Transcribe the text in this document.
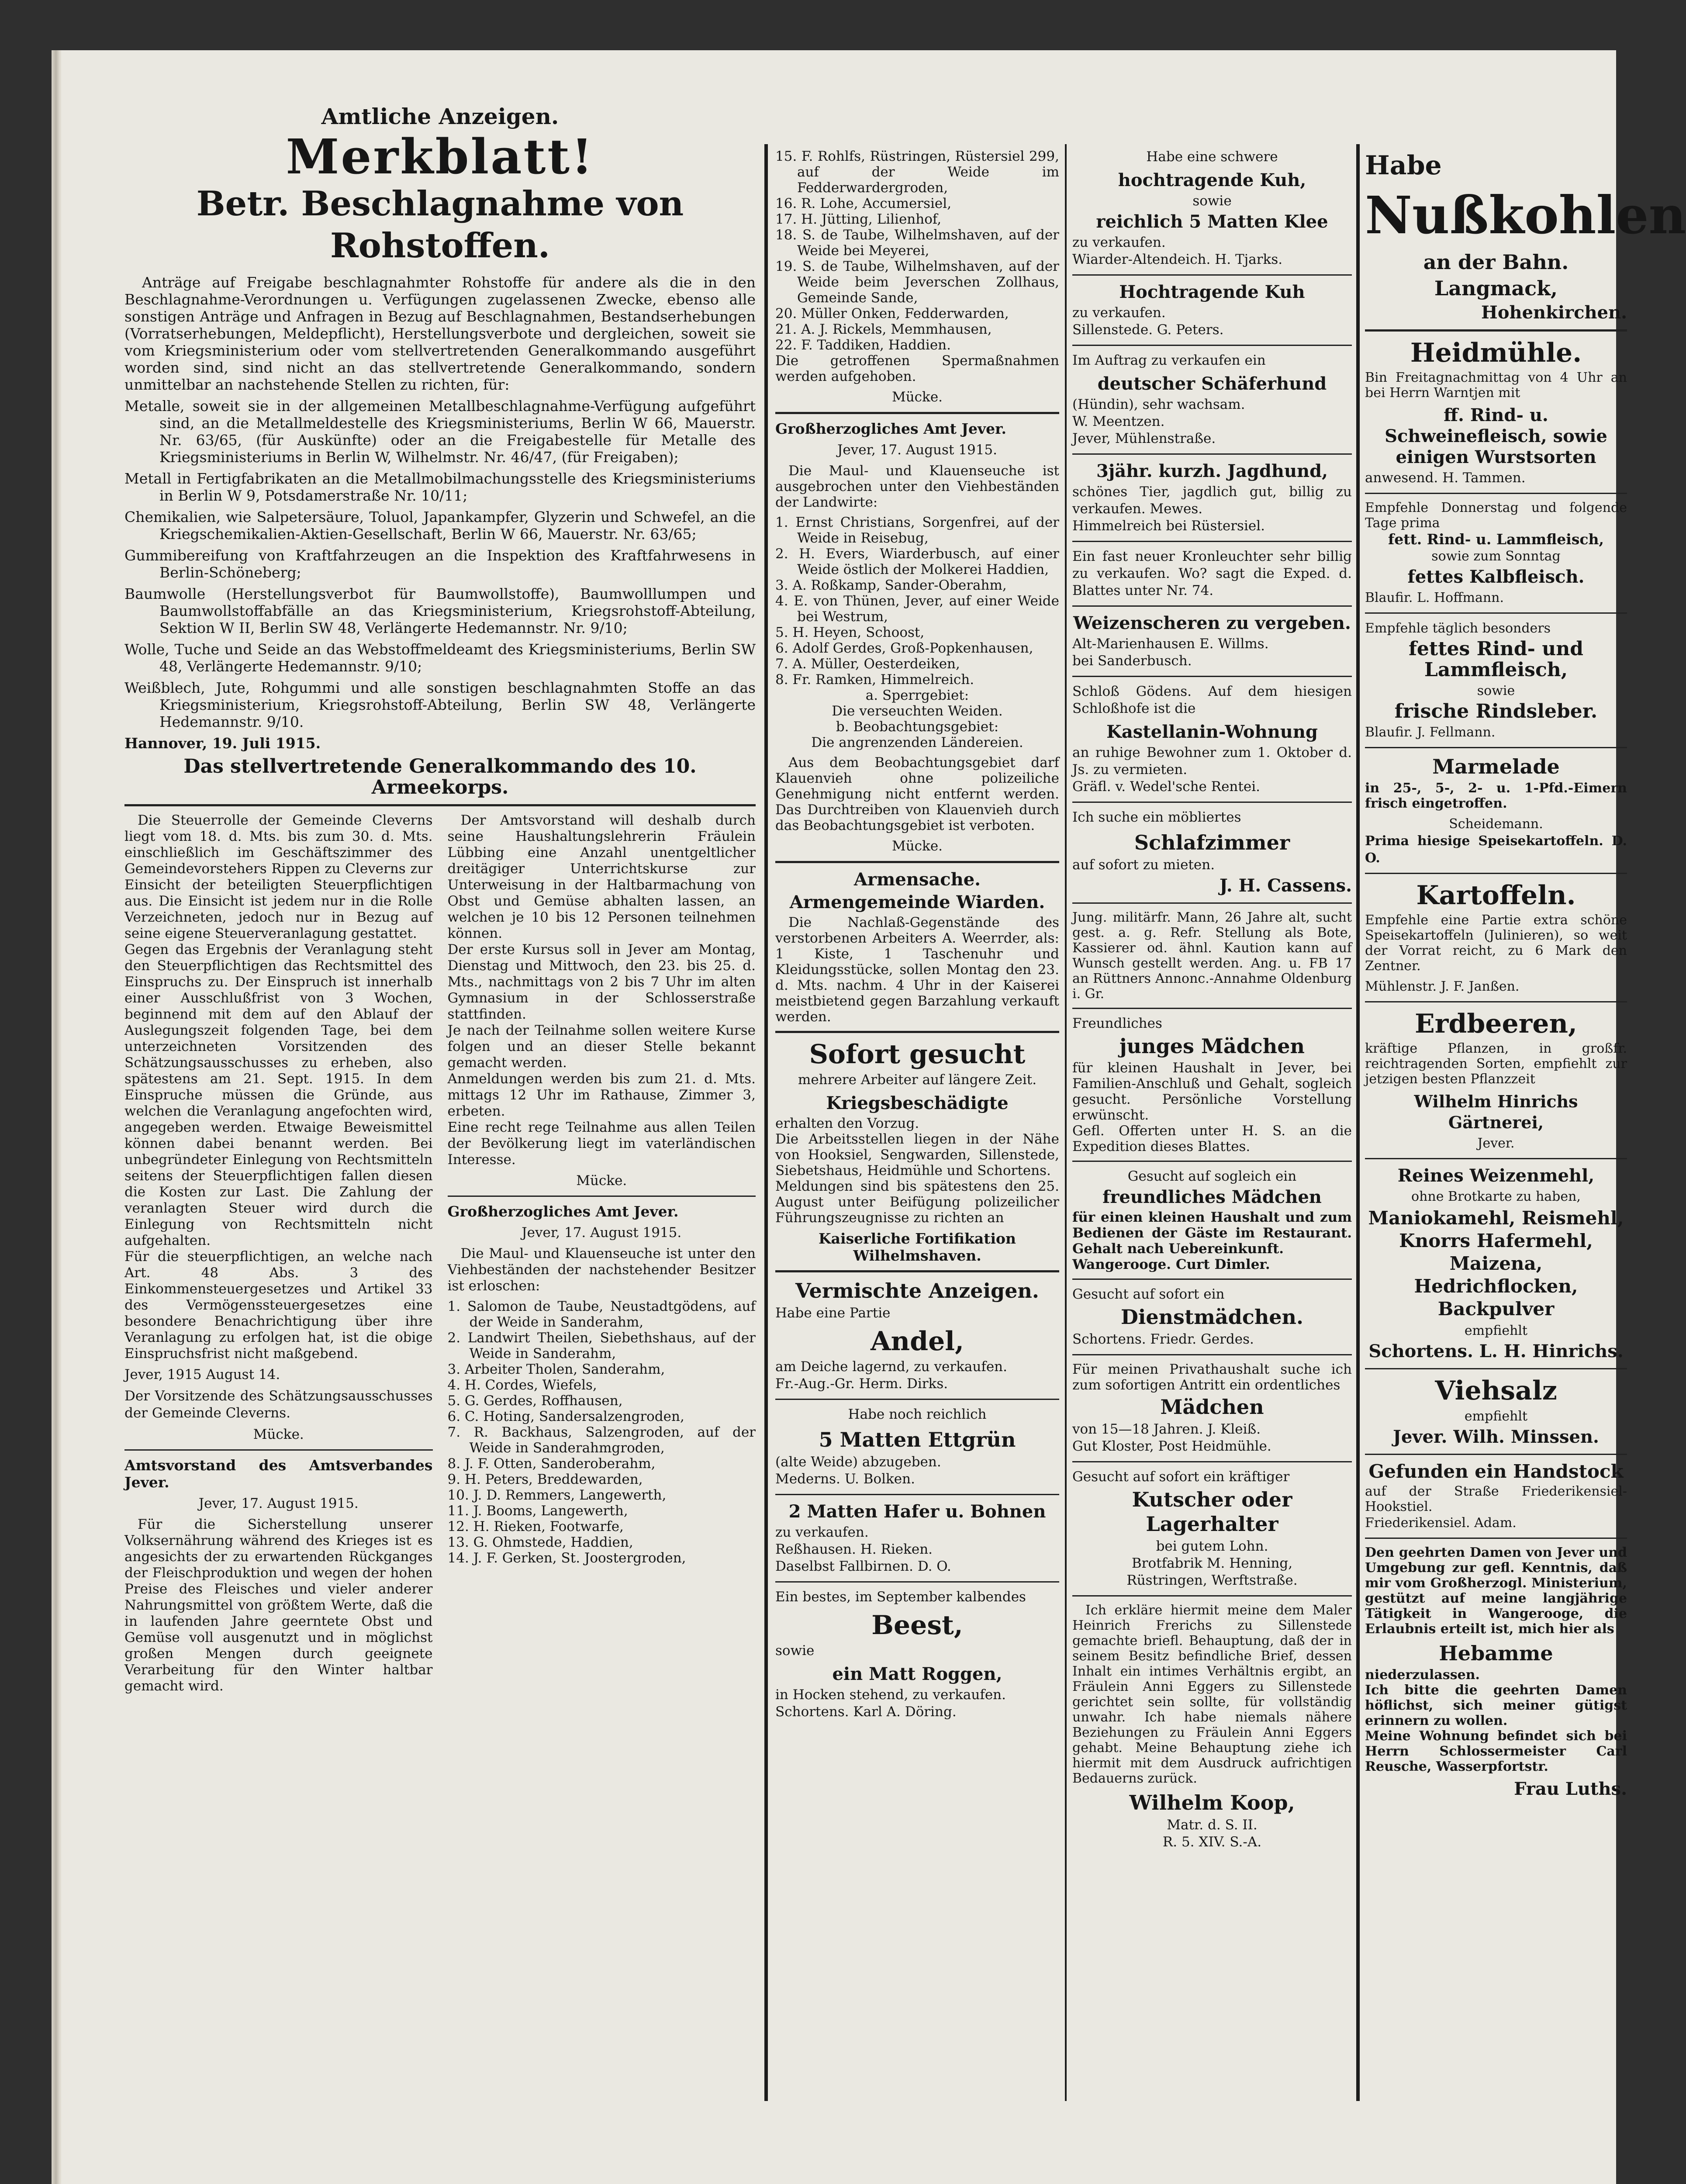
Amtliche Anzeigen.
Merkblatt!
Betr. Beschlagnahme von Rohstoffen.
Anträge auf Freigabe beschlagnahmter Rohstoffe für andere als die in den Beschlagnahme-Verordnungen u. Verfügungen zugelassenen Zwecke, ebenso alle sonstigen Anträge und Anfragen in Bezug auf Beschlagnahmen, Bestandserhebungen (Vorratserhebungen, Meldepflicht), Herstellungsverbote und dergleichen, soweit sie vom Kriegsministerium oder vom stellvertretenden Generalkommando ausgeführt worden sind, sind nicht an das stellvertretende Generalkommando, sondern unmittelbar an nachstehende Stellen zu richten, für:
Metalle, soweit sie in der allgemeinen Metallbeschlagnahme-Verfügung aufgeführt sind, an die Metallmeldestelle des Kriegsministeriums, Berlin W 66, Mauerstr. Nr. 63/65, (für Auskünfte) oder an die Freigabestelle für Metalle des Kriegsministeriums in Berlin W, Wilhelmstr. Nr. 46/47, (für Freigaben);
Metall in Fertigfabrikaten an die Metallmobilmachungsstelle des Kriegsministeriums in Berlin W 9, Potsdamerstraße Nr. 10/11;
Chemikalien, wie Salpetersäure, Toluol, Japankampfer, Glyzerin und Schwefel, an die Kriegschemikalien-Aktien-Gesellschaft, Berlin W 66, Mauerstr. Nr. 63/65;
Gummibereifung von Kraftfahrzeugen an die Inspektion des Kraftfahrwesens in Berlin-Schöneberg;
Baumwolle (Herstellungsverbot für Baumwollstoffe), Baumwolllumpen und Baumwollstoffabfälle an das Kriegsministerium, Kriegsrohstoff-Abteilung, Sektion W II, Berlin SW 48, Verlängerte Hedemannstr. Nr. 9/10;
Wolle, Tuche und Seide an das Webstoffmeldeamt des Kriegsministeriums, Berlin SW 48, Verlängerte Hedemannstr. 9/10;
Weißblech, Jute, Rohgummi und alle sonstigen beschlagnahmten Stoffe an das Kriegsministerium, Kriegsrohstoff-Abteilung, Berlin SW 48, Verlängerte Hedemannstr. 9/10.
Hannover, 19. Juli 1915.
Das stellvertretende Generalkommando des 10. Armeekorps.
Die Steuerrolle der Gemeinde Cleverns liegt vom 18. d. Mts. bis zum 30. d. Mts. einschließlich im Geschäftszimmer des Gemeindevorstehers Rippen zu Cleverns zur Einsicht der beteiligten Steuerpflichtigen aus. Die Einsicht ist jedem nur in die Rolle Verzeichneten, jedoch nur in Bezug auf seine eigene Steuerveranlagung gestattet.
Gegen das Ergebnis der Veranlagung steht den Steuerpflichtigen das Rechtsmittel des Einspruchs zu. Der Einspruch ist innerhalb einer Ausschlußfrist von 3 Wochen, beginnend mit dem auf den Ablauf der Auslegungszeit folgenden Tage, bei dem unterzeichneten Vorsitzenden des Schätzungsausschusses zu erheben, also spätestens am 21. Sept. 1915. In dem Einspruche müssen die Gründe, aus welchen die Veranlagung angefochten wird, angegeben werden. Etwaige Beweismittel können dabei benannt werden. Bei unbegründeter Einlegung von Rechtsmitteln seitens der Steuerpflichtigen fallen diesen die Kosten zur Last. Die Zahlung der veranlagten Steuer wird durch die Einlegung von Rechtsmitteln nicht aufgehalten.
Für die steuerpflichtigen, an welche nach Art. 48 Abs. 3 des Einkommensteuergesetzes und Artikel 33 des Vermögenssteuergesetzes eine besondere Benachrichtigung über ihre Veranlagung zu erfolgen hat, ist die obige Einspruchsfrist nicht maßgebend.
Jever, 1915 August 14.
Der Vorsitzende des Schätzungsausschusses der Gemeinde Cleverns.
Mücke.
Amtsvorstand des Amtsverbandes Jever.
Jever, 17. August 1915.
Für die Sicherstellung unserer Volksernährung während des Krieges ist es angesichts der zu erwartenden Rückganges der Fleischproduktion und wegen der hohen Preise des Fleisches und vieler anderer Nahrungsmittel von größtem Werte, daß die in laufenden Jahre geerntete Obst und Gemüse voll ausgenutzt und in möglichst großen Mengen durch geeignete Verarbeitung für den Winter haltbar gemacht wird.
Der Amtsvorstand will deshalb durch seine Haushaltungslehrerin Fräulein Lübbing eine Anzahl unentgeltlicher dreitägiger Unterrichtskurse zur Unterweisung in der Haltbarmachung von Obst und Gemüse abhalten lassen, an welchen je 10 bis 12 Personen teilnehmen können.
Der erste Kursus soll in Jever am Montag, Dienstag und Mittwoch, den 23. bis 25. d. Mts., nachmittags von 2 bis 7 Uhr im alten Gymnasium in der Schlosserstraße stattfinden.
Je nach der Teilnahme sollen weitere Kurse folgen und an dieser Stelle bekannt gemacht werden.
Anmeldungen werden bis zum 21. d. Mts. mittags 12 Uhr im Rathause, Zimmer 3, erbeten.
Eine recht rege Teilnahme aus allen Teilen der Bevölkerung liegt im vaterländischen Interesse.
Mücke.
Großherzogliches Amt Jever.
Jever, 17. August 1915.
Die Maul- und Klauenseuche ist unter den Viehbeständen der nachstehender Besitzer ist erloschen:
1. Salomon de Taube, Neustadtgödens, auf der Weide in Sanderahm,
2. Landwirt Theilen, Siebethshaus, auf der Weide in Sanderahm,
3. Arbeiter Tholen, Sanderahm,
4. H. Cordes, Wiefels,
5. G. Gerdes, Roffhausen,
6. C. Hoting, Sandersalzengroden,
7. R. Backhaus, Salzengroden, auf der Weide in Sanderahmgroden,
8. J. F. Otten, Sanderoberahm,
9. H. Peters, Breddewarden,
10. J. D. Remmers, Langewerth,
11. J. Booms, Langewerth,
12. H. Rieken, Footwarfe,
13. G. Ohmstede, Haddien,
14. J. F. Gerken, St. Joostergroden,
15. F. Rohlfs, Rüstringen, Rüstersiel 299, auf der Weide im Fedderwardergroden,
16. R. Lohe, Accumersiel,
17. H. Jütting, Lilienhof,
18. S. de Taube, Wilhelmshaven, auf der Weide bei Meyerei,
19. S. de Taube, Wilhelmshaven, auf der Weide beim Jeverschen Zollhaus, Gemeinde Sande,
20. Müller Onken, Fedderwarden,
21. A. J. Rickels, Memmhausen,
22. F. Taddiken, Haddien.
Die getroffenen Spermaßnahmen werden aufgehoben.
Mücke.
Großherzogliches Amt Jever.
Jever, 17. August 1915.
Die Maul- und Klauenseuche ist ausgebrochen unter den Viehbeständen der Landwirte:
1. Ernst Christians, Sorgenfrei, auf der Weide in Reisebug,
2. H. Evers, Wiarderbusch, auf einer Weide östlich der Molkerei Haddien,
3. A. Roßkamp, Sander-Oberahm,
4. E. von Thünen, Jever, auf einer Weide bei Westrum,
5. H. Heyen, Schoost,
6. Adolf Gerdes, Groß-Popkenhausen,
7. A. Müller, Oesterdeiken,
8. Fr. Ramken, Himmelreich.
a. Sperrgebiet:
Die verseuchten Weiden.
b. Beobachtungsgebiet:
Die angrenzenden Ländereien.
Aus dem Beobachtungsgebiet darf Klauenvieh ohne polizeiliche Genehmigung nicht entfernt werden. Das Durchtreiben von Klauenvieh durch das Beobachtungsgebiet ist verboten.
Mücke.
Armensache.
Armengemeinde Wiarden.
Die Nachlaß-Gegenstände des verstorbenen Arbeiters A. Weerrder, als: 1 Kiste, 1 Taschenuhr und Kleidungsstücke, sollen Montag den 23. d. Mts. nachm. 4 Uhr in der Kaiserei meistbietend gegen Barzahlung verkauft werden.
Sofort gesucht
mehrere Arbeiter auf längere Zeit.
Kriegsbeschädigte
erhalten den Vorzug.
Die Arbeitsstellen liegen in der Nähe von Hooksiel, Sengwarden, Sillenstede, Siebetshaus, Heidmühle und Schortens.
Meldungen sind bis spätestens den 25. August unter Beifügung polizeilicher Führungszeugnisse zu richten an
Kaiserliche Fortifikation Wilhelmshaven.
Vermischte Anzeigen.
Habe eine Partie
Andel,
am Deiche lagernd, zu verkaufen.
Fr.-Aug.-Gr. Herm. Dirks.
Habe noch reichlich
5 Matten Ettgrün
(alte Weide) abzugeben.
Mederns. U. Bolken.
2 Matten Hafer u. Bohnen
zu verkaufen.
Reßhausen. H. Rieken.
Daselbst Fallbirnen. D. O.
Ein bestes, im September kalbendes
Beest,
sowie
ein Matt Roggen,
in Hocken stehend, zu verkaufen.
Schortens. Karl A. Döring.
Habe eine schwere
hochtragende Kuh,
sowie
reichlich 5 Matten Klee
zu verkaufen.
Wiarder-Altendeich. H. Tjarks.
Hochtragende Kuh
zu verkaufen.
Sillenstede. G. Peters.
Im Auftrag zu verkaufen ein
deutscher Schäferhund
(Hündin), sehr wachsam.
W. Meentzen.
Jever, Mühlenstraße.
3jähr. kurzh. Jagdhund,
schönes Tier, jagdlich gut, billig zu verkaufen. Mewes.
Himmelreich bei Rüstersiel.
Ein fast neuer Kronleuchter sehr billig zu verkaufen. Wo? sagt die Exped. d. Blattes unter Nr. 74.
Weizenscheren zu vergeben.
Alt-Marienhausen E. Willms.
bei Sanderbusch.
Schloß Gödens. Auf dem hiesigen Schloßhofe ist die
Kastellanin-Wohnung
an ruhige Bewohner zum 1. Oktober d. Js. zu vermieten.
Gräfl. v. Wedel'sche Rentei.
Ich suche ein möbliertes
Schlafzimmer
auf sofort zu mieten.
J. H. Cassens.
Jung. militärfr. Mann, 26 Jahre alt, sucht gest. a. g. Refr. Stellung als Bote, Kassierer od. ähnl. Kaution kann auf Wunsch gestellt werden. Ang. u. FB 17 an Rüttners Annonc.-Annahme Oldenburg i. Gr.
Freundliches
junges Mädchen
für kleinen Haushalt in Jever, bei Familien-Anschluß und Gehalt, sogleich gesucht. Persönliche Vorstellung erwünscht.
Gefl. Offerten unter H. S. an die Expedition dieses Blattes.
Gesucht auf sogleich ein
freundliches Mädchen
für einen kleinen Haushalt und zum Bedienen der Gäste im Restaurant. Gehalt nach Uebereinkunft.
Wangerooge. Curt Dimler.
Gesucht auf sofort ein
Dienstmädchen.
Schortens. Friedr. Gerdes.
Für meinen Privathaushalt suche ich zum sofortigen Antritt ein ordentliches
Mädchen
von 15—18 Jahren. J. Kleiß.
Gut Kloster, Post Heidmühle.
Gesucht auf sofort ein kräftiger
Kutscher oder Lagerhalter
bei gutem Lohn.
Brotfabrik M. Henning,
Rüstringen, Werftstraße.
Ich erkläre hiermit meine dem Maler Heinrich Frerichs zu Sillenstede gemachte briefl. Behauptung, daß der in seinem Besitz befindliche Brief, dessen Inhalt ein intimes Verhältnis ergibt, an Fräulein Anni Eggers zu Sillenstede gerichtet sein sollte, für vollständig unwahr. Ich habe niemals nähere Beziehungen zu Fräulein Anni Eggers gehabt. Meine Behauptung ziehe ich hiermit mit dem Ausdruck aufrichtigen Bedauerns zurück.
Wilhelm Koop,
Matr. d. S. II.
R. 5. XIV. S.-A.
Habe
Nußkohlen
an der Bahn.
Langmack,
Hohenkirchen.
Heidmühle.
Bin Freitagnachmittag von 4 Uhr an bei Herrn Warntjen mit
ff. Rind- u. Schweinefleisch, sowie einigen Wurstsorten
anwesend. H. Tammen.
Empfehle Donnerstag und folgende Tage prima
fett. Rind- u. Lammfleisch,
sowie zum Sonntag
fettes Kalbfleisch.
Blaufir. L. Hoffmann.
Empfehle täglich besonders
fettes Rind- und Lammfleisch,
sowie
frische Rindsleber.
Blaufir. J. Fellmann.
Marmelade
in 25-, 5-, 2- u. 1-Pfd.-Eimern frisch eingetroffen.
Scheidemann.
Prima hiesige Speisekartoffeln. D. O.
Kartoffeln.
Empfehle eine Partie extra schöne Speisekartoffeln (Julinieren), so weit der Vorrat reicht, zu 6 Mark den Zentner.
Mühlenstr. J. F. Janßen.
Erdbeeren,
kräftige Pflanzen, in großfr. reichtragenden Sorten, empfiehlt zur jetzigen besten Pflanzzeit
Wilhelm Hinrichs Gärtnerei,
Jever.
Reines Weizenmehl,
ohne Brotkarte zu haben,
Maniokamehl, Reismehl, Knorrs Hafermehl, Maizena, Hedrichflocken, Backpulver
empfiehlt
Schortens. L. H. Hinrichs.
Viehsalz
empfiehlt
Jever. Wilh. Minssen.
Gefunden ein Handstock
auf der Straße Friederikensiel-Hookstiel.
Friederikensiel. Adam.
Den geehrten Damen von Jever und Umgebung zur gefl. Kenntnis, daß mir vom Großherzogl. Ministerium, gestützt auf meine langjährige Tätigkeit in Wangerooge, die Erlaubnis erteilt ist, mich hier als
Hebamme
niederzulassen.
Ich bitte die geehrten Damen höflichst, sich meiner gütigst erinnern zu wollen.
Meine Wohnung befindet sich bei Herrn Schlossermeister Carl Reusche, Wasserpfortstr.
Frau Luths.
